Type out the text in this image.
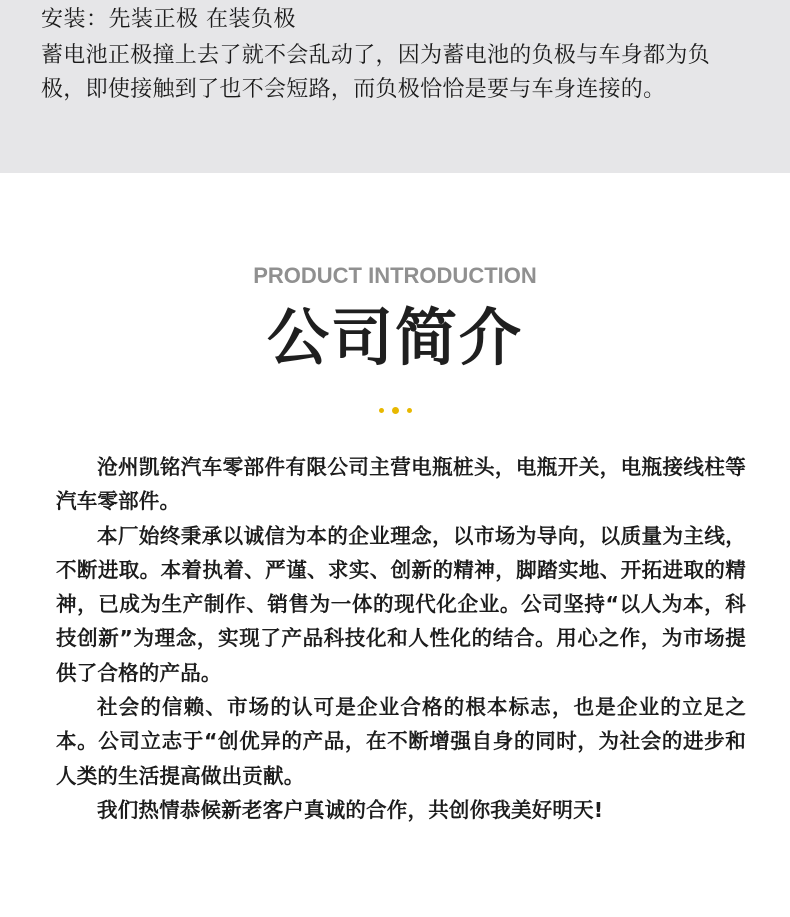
安装：先装正极 在装负极
蓄电池正极撞上去了就不会乱动了，因为蓄电池的负极与车身都为负极，即使接触到了也不会短路，而负极恰恰是要与车身连接的。
PRODUCT INTRODUCTION
公司简介

沧州凯铭汽车零部件有限公司主营电瓶桩头，电瓶开关，电瓶接线柱等汽车零部件。

本厂始终秉承以诚信为本的企业理念，以市场为导向，以质量为主线，不断进取。本着执着、严谨、求实、创新的精神，脚踏实地、开拓进取的精神，已成为生产制作、销售为一体的现代化企业。公司坚持“以人为本，科技创新”为理念，实现了产品科技化和人性化的结合。用心之作，为市场提供了合格的产品。

社会的信赖、市场的认可是企业合格的根本标志，也是企业的立足之本。公司立志于“创优异的产品，在不断增强自身的同时，为社会的进步和人类的生活提高做出贡献。

我们热情恭候新老客户真诚的合作，共创你我美好明天!
